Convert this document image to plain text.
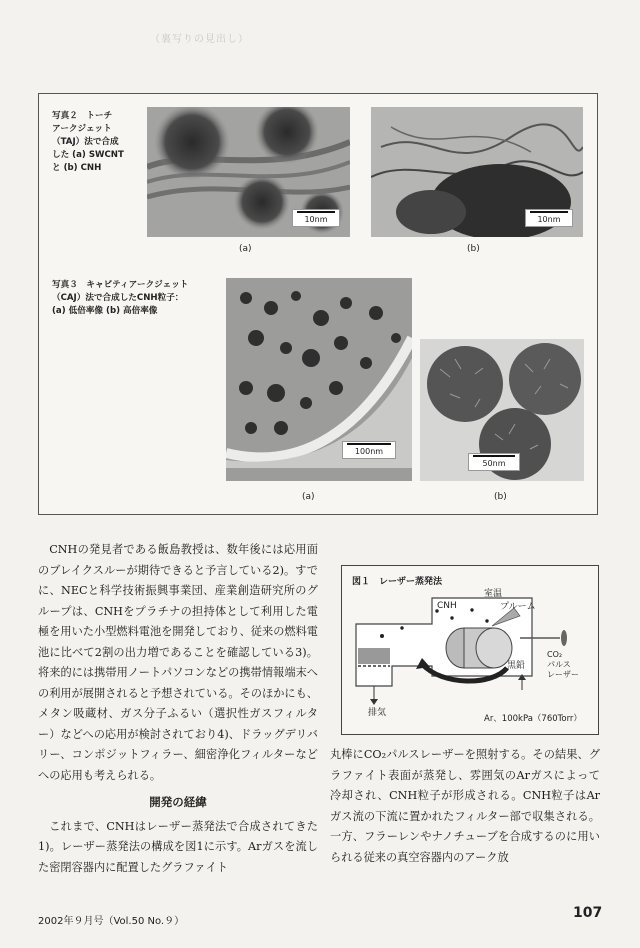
（裏写りの見出し）
写真２　トーチ
アークジェット
（TAJ）法で合成
した (a) SWCNT
と (b) CNH
10nm
(a)
10nm
(b)
写真３　キャビティアークジェット
（CAJ）法で合成したCNH粒子：
(a) 低倍率像 (b) 高倍率像
100nm
(a)
50nm
(b)

CNHの発見者である飯島教授は、数年後には応用面のブレイクスルーが期待できると予言している2)。すでに、NECと科学技術振興事業団、産業創造研究所のグループは、CNHをプラチナの担持体として利用した電極を用いた小型燃料電池を開発しており、従来の燃料電池に比べて2割の出力増であることを確認している3)。将来的には携帯用ノートパソコンなどの携帯情報端末への利用が展開されると予想されている。そのほかにも、メタン吸蔵材、ガス分子ふるい（選択性ガスフィルター）などへの応用が検討されており4)、ドラッグデリバリー、コンポジットフィラー、細密浄化フィルターなどへの応用も考えられる。

開発の経緯

これまで、CNHはレーザー蒸発法で合成されてきた1)。レーザー蒸発法の構成を図1に示す。Arガスを流した密閉容器内に配置したグラファイト

図１　レーザー蒸発法
室温
CNH	プルーム
黒鉛
CO₂
パルス
レーザー
排気
Ar、100kPa（760Torr）

丸棒にCO₂パルスレーザーを照射する。その結果、グラファイト表面が蒸発し、雰囲気のArガスによって冷却され、CNH粒子が形成される。CNH粒子はArガス流の下流に置かれたフィルター部で収集される。一方、フラーレンやナノチューブを合成するのに用いられる従来の真空容器内のアーク放

2002年９月号（Vol.50 No.９）
107
